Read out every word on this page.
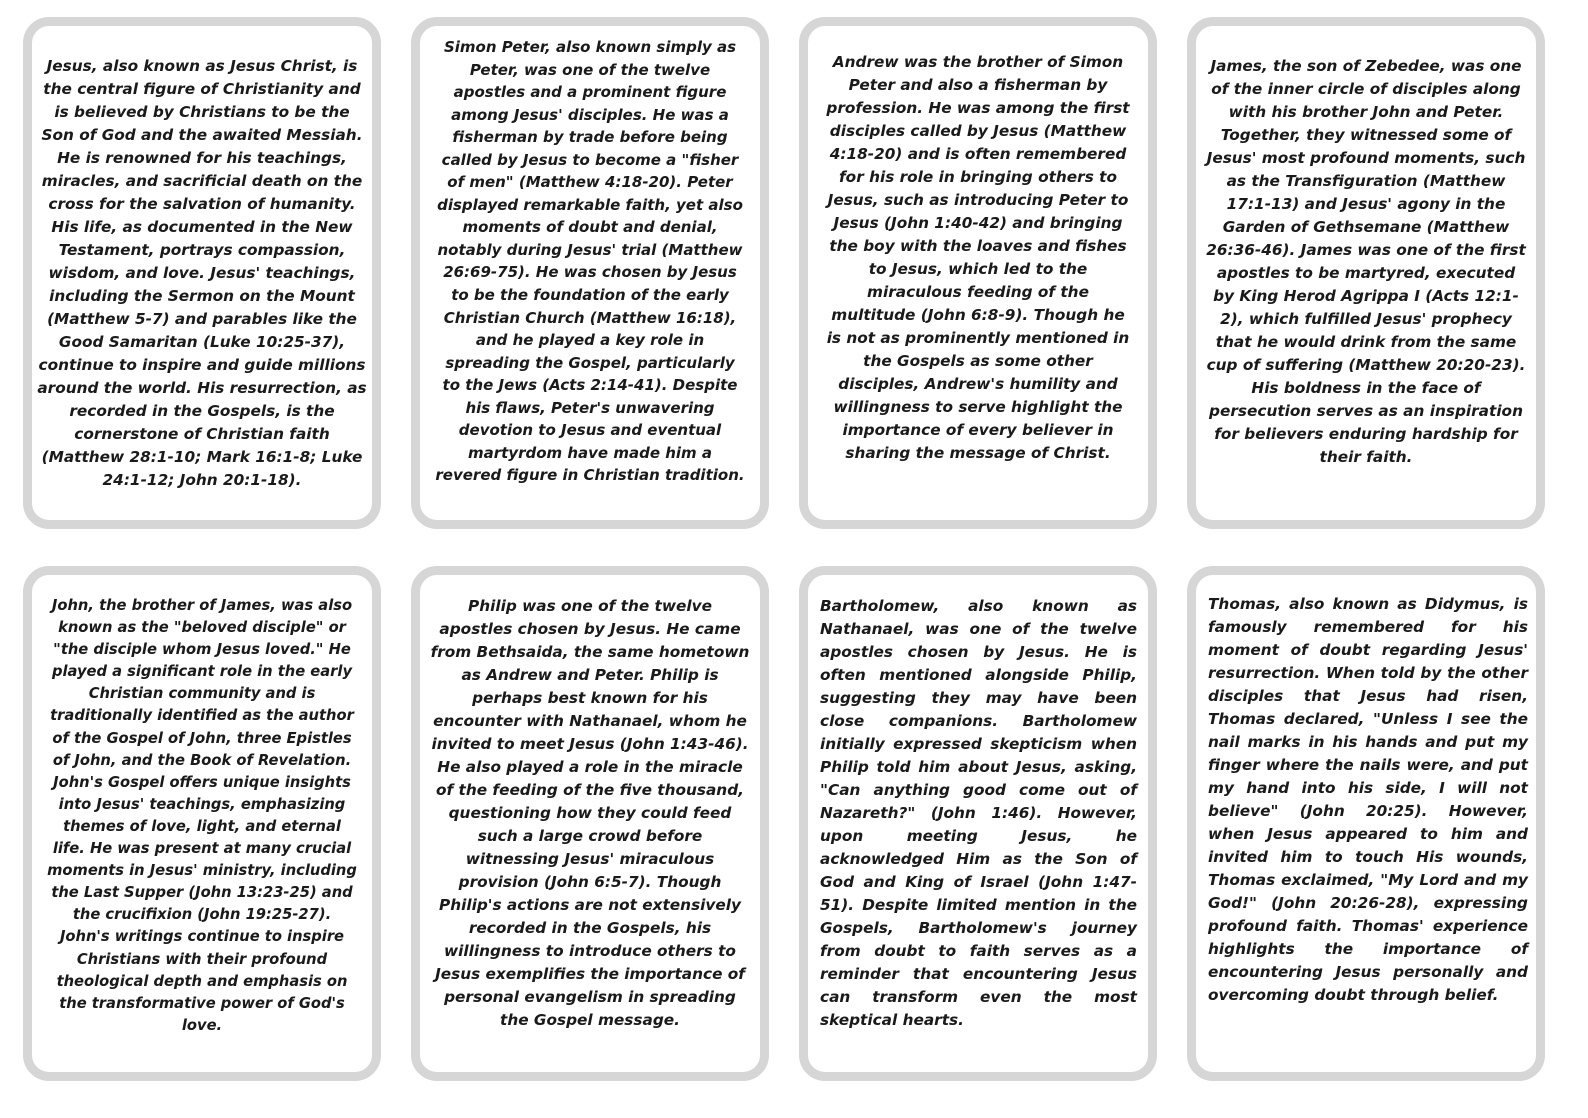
Jesus, also known as Jesus Christ, is the central figure of Christianity and is believed by Christians to be the Son of God and the awaited Messiah. He is renowned for his teachings, miracles, and sacrificial death on the cross for the salvation of humanity. His life, as documented in the New Testament, portrays compassion, wisdom, and love. Jesus' teachings, including the Sermon on the Mount (Matthew 5-7) and parables like the Good Samaritan (Luke 10:25-37), continue to inspire and guide millions around the world. His resurrection, as recorded in the Gospels, is the cornerstone of Christian faith (Matthew 28:1-10; Mark 16:1-8; Luke 24:1-12; John 20:1-18).

Simon Peter, also known simply as Peter, was one of the twelve apostles and a prominent figure among Jesus' disciples. He was a fisherman by trade before being called by Jesus to become a "fisher of men" (Matthew 4:18-20). Peter displayed remarkable faith, yet also moments of doubt and denial, notably during Jesus' trial (Matthew 26:69-75). He was chosen by Jesus to be the foundation of the early Christian Church (Matthew 16:18), and he played a key role in spreading the Gospel, particularly to the Jews (Acts 2:14-41). Despite his flaws, Peter's unwavering devotion to Jesus and eventual martyrdom have made him a revered figure in Christian tradition.

Andrew was the brother of Simon Peter and also a fisherman by profession. He was among the first disciples called by Jesus (Matthew 4:18-20) and is often remembered for his role in bringing others to Jesus, such as introducing Peter to Jesus (John 1:40-42) and bringing the boy with the loaves and fishes to Jesus, which led to the miraculous feeding of the multitude (John 6:8-9). Though he is not as prominently mentioned in the Gospels as some other disciples, Andrew's humility and willingness to serve highlight the importance of every believer in sharing the message of Christ.

James, the son of Zebedee, was one of the inner circle of disciples along with his brother John and Peter. Together, they witnessed some of Jesus' most profound moments, such as the Transfiguration (Matthew 17:1-13) and Jesus' agony in the Garden of Gethsemane (Matthew 26:36-46). James was one of the first apostles to be martyred, executed by King Herod Agrippa I (Acts 12:1-2), which fulfilled Jesus' prophecy that he would drink from the same cup of suffering (Matthew 20:20-23). His boldness in the face of persecution serves as an inspiration for believers enduring hardship for their faith.

John, the brother of James, was also known as the "beloved disciple" or "the disciple whom Jesus loved." He played a significant role in the early Christian community and is traditionally identified as the author of the Gospel of John, three Epistles of John, and the Book of Revelation. John's Gospel offers unique insights into Jesus' teachings, emphasizing themes of love, light, and eternal life. He was present at many crucial moments in Jesus' ministry, including the Last Supper (John 13:23-25) and the crucifixion (John 19:25-27). John's writings continue to inspire Christians with their profound theological depth and emphasis on the transformative power of God's love.

Philip was one of the twelve apostles chosen by Jesus. He came from Bethsaida, the same hometown as Andrew and Peter. Philip is perhaps best known for his encounter with Nathanael, whom he invited to meet Jesus (John 1:43-46). He also played a role in the miracle of the feeding of the five thousand, questioning how they could feed such a large crowd before witnessing Jesus' miraculous provision (John 6:5-7). Though Philip's actions are not extensively recorded in the Gospels, his willingness to introduce others to Jesus exemplifies the importance of personal evangelism in spreading the Gospel message.

Bartholomew, also known as Nathanael, was one of the twelve apostles chosen by Jesus. He is often mentioned alongside Philip, suggesting they may have been close companions. Bartholomew initially expressed skepticism when Philip told him about Jesus, asking, "Can anything good come out of Nazareth?" (John 1:46). However, upon meeting Jesus, he acknowledged Him as the Son of God and King of Israel (John 1:47-51). Despite limited mention in the Gospels, Bartholomew's journey from doubt to faith serves as a reminder that encountering Jesus can transform even the most skeptical hearts.

Thomas, also known as Didymus, is famously remembered for his moment of doubt regarding Jesus' resurrection. When told by the other disciples that Jesus had risen, Thomas declared, "Unless I see the nail marks in his hands and put my finger where the nails were, and put my hand into his side, I will not believe" (John 20:25). However, when Jesus appeared to him and invited him to touch His wounds, Thomas exclaimed, "My Lord and my God!" (John 20:26-28), expressing profound faith. Thomas' experience highlights the importance of encountering Jesus personally and overcoming doubt through belief.
